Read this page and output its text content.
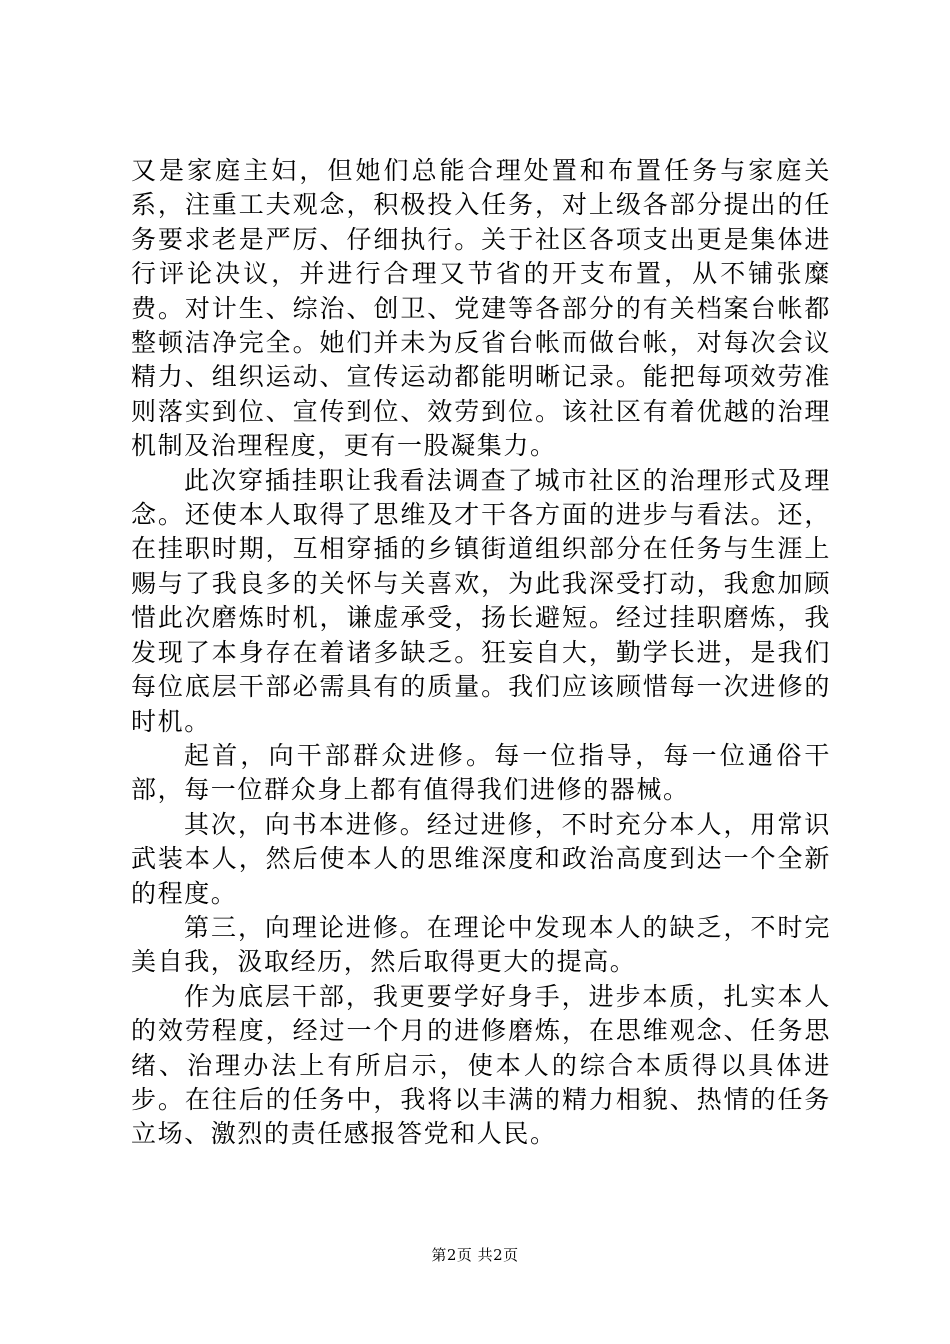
又是家庭主妇，但她们总能合理处置和布置任务与家庭关系，注重工夫观念，积极投入任务，对上级各部分提出的任务要求老是严厉、仔细执行。关于社区各项支出更是集体进行评论决议，并进行合理又节省的开支布置，从不铺张糜费。对计生、综治、创卫、党建等各部分的有关档案台帐都整顿洁净完全。她们并未为反省台帐而做台帐，对每次会议精力、组织运动、宣传运动都能明晰记录。能把每项效劳准则落实到位、宣传到位、效劳到位。该社区有着优越的治理机制及治理程度，更有一股凝集力。

此次穿插挂职让我看法调查了城市社区的治理形式及理念。还使本人取得了思维及才干各方面的进步与看法。还，在挂职时期，互相穿插的乡镇街道组织部分在任务与生涯上赐与了我良多的关怀与关喜欢，为此我深受打动，我愈加顾惜此次磨炼时机，谦虚承受，扬长避短。经过挂职磨炼，我发现了本身存在着诸多缺乏。狂妄自大，勤学长进，是我们每位底层干部必需具有的质量。我们应该顾惜每一次进修的时机。

起首，向干部群众进修。每一位指导，每一位通俗干部，每一位群众身上都有值得我们进修的器械。

其次，向书本进修。经过进修，不时充分本人，用常识武装本人，然后使本人的思维深度和政治高度到达一个全新的程度。

第三，向理论进修。在理论中发现本人的缺乏，不时完美自我，汲取经历，然后取得更大的提高。

作为底层干部，我更要学好身手，进步本质，扎实本人的效劳程度，经过一个月的进修磨炼，在思维观念、任务思绪、治理办法上有所启示，使本人的综合本质得以具体进步。在往后的任务中，我将以丰满的精力相貌、热情的任务立场、激烈的责任感报答党和人民。

第2页 共2页
